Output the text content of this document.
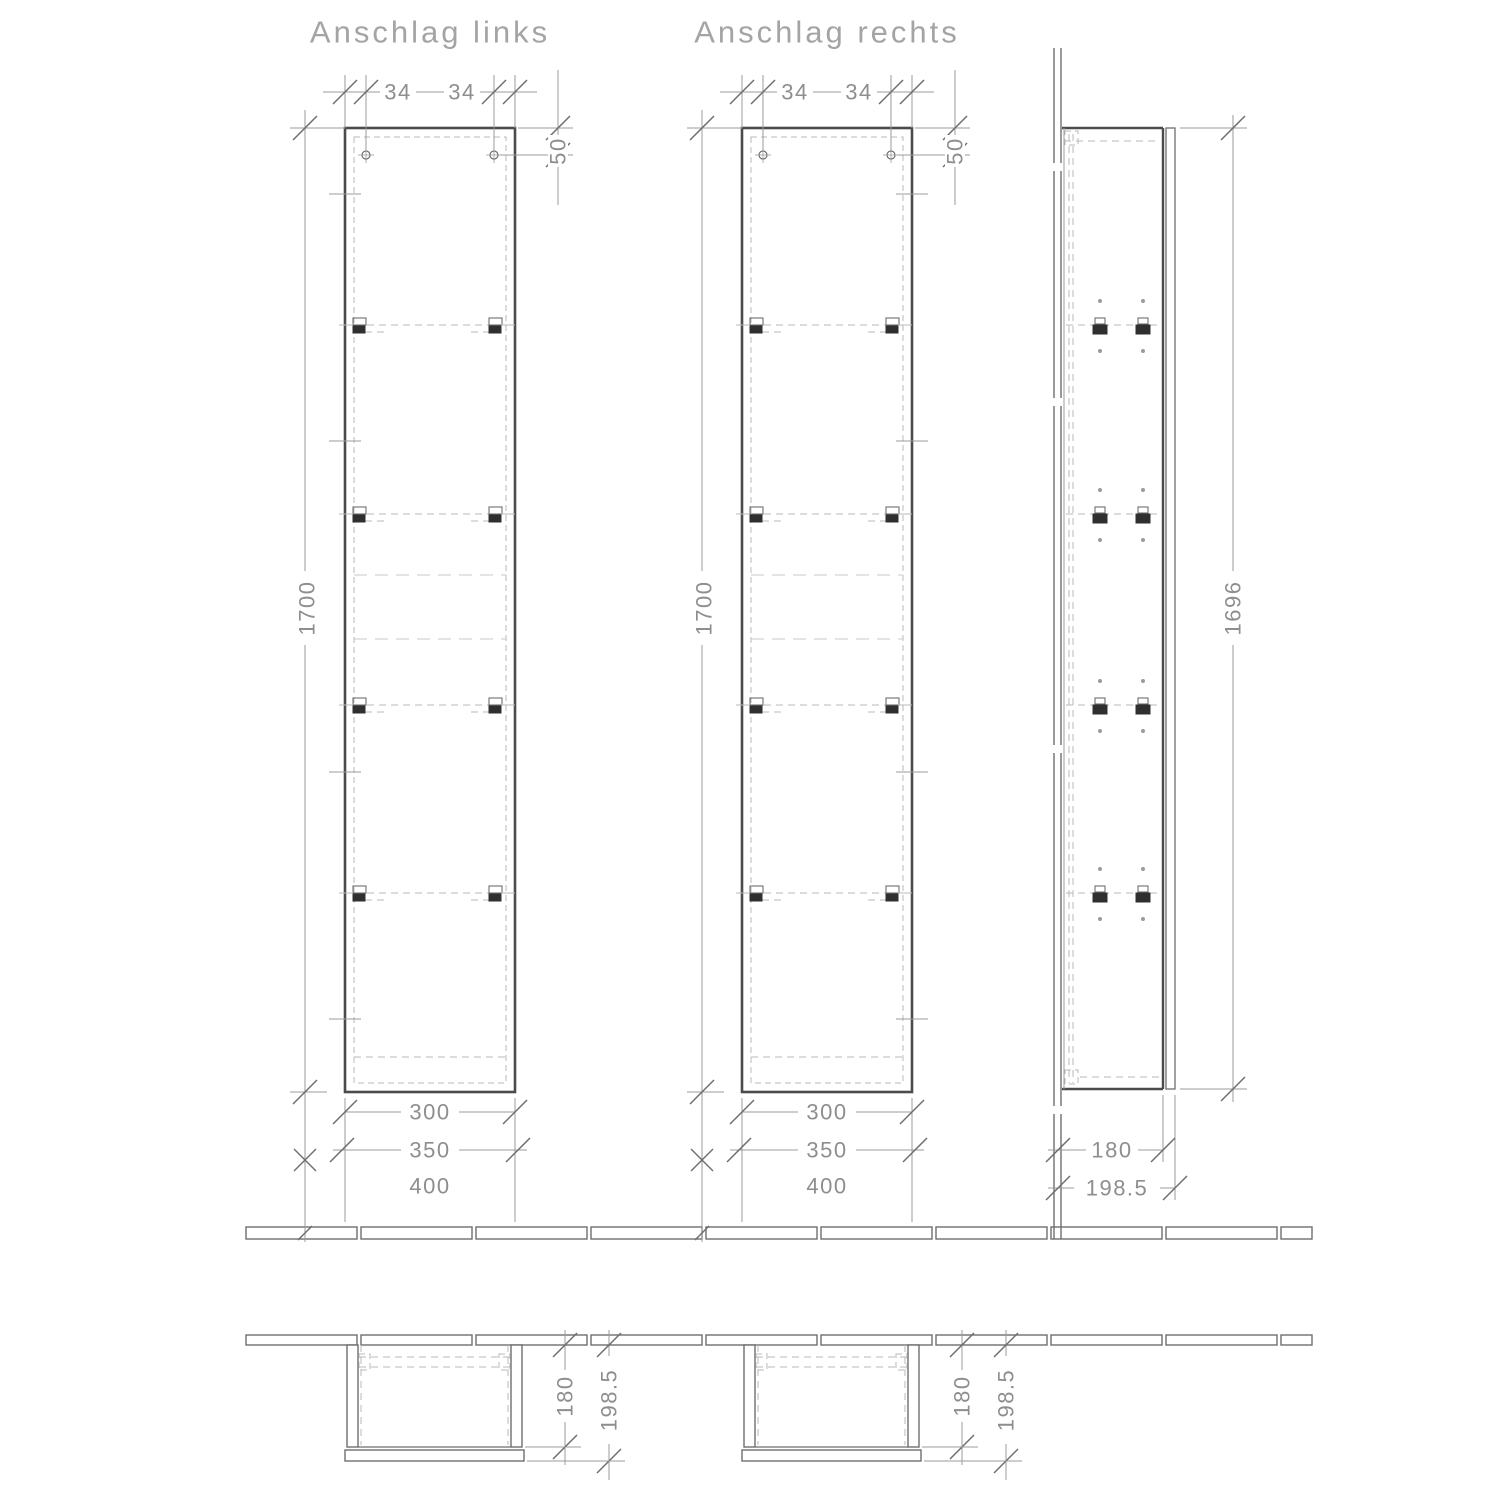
1700
34 34
50
300
350
400
1700
34 34
50
300
350
400
1696
180
198.5
180 198.5	180 198.5
Anschlag links	Anschlag rechts
